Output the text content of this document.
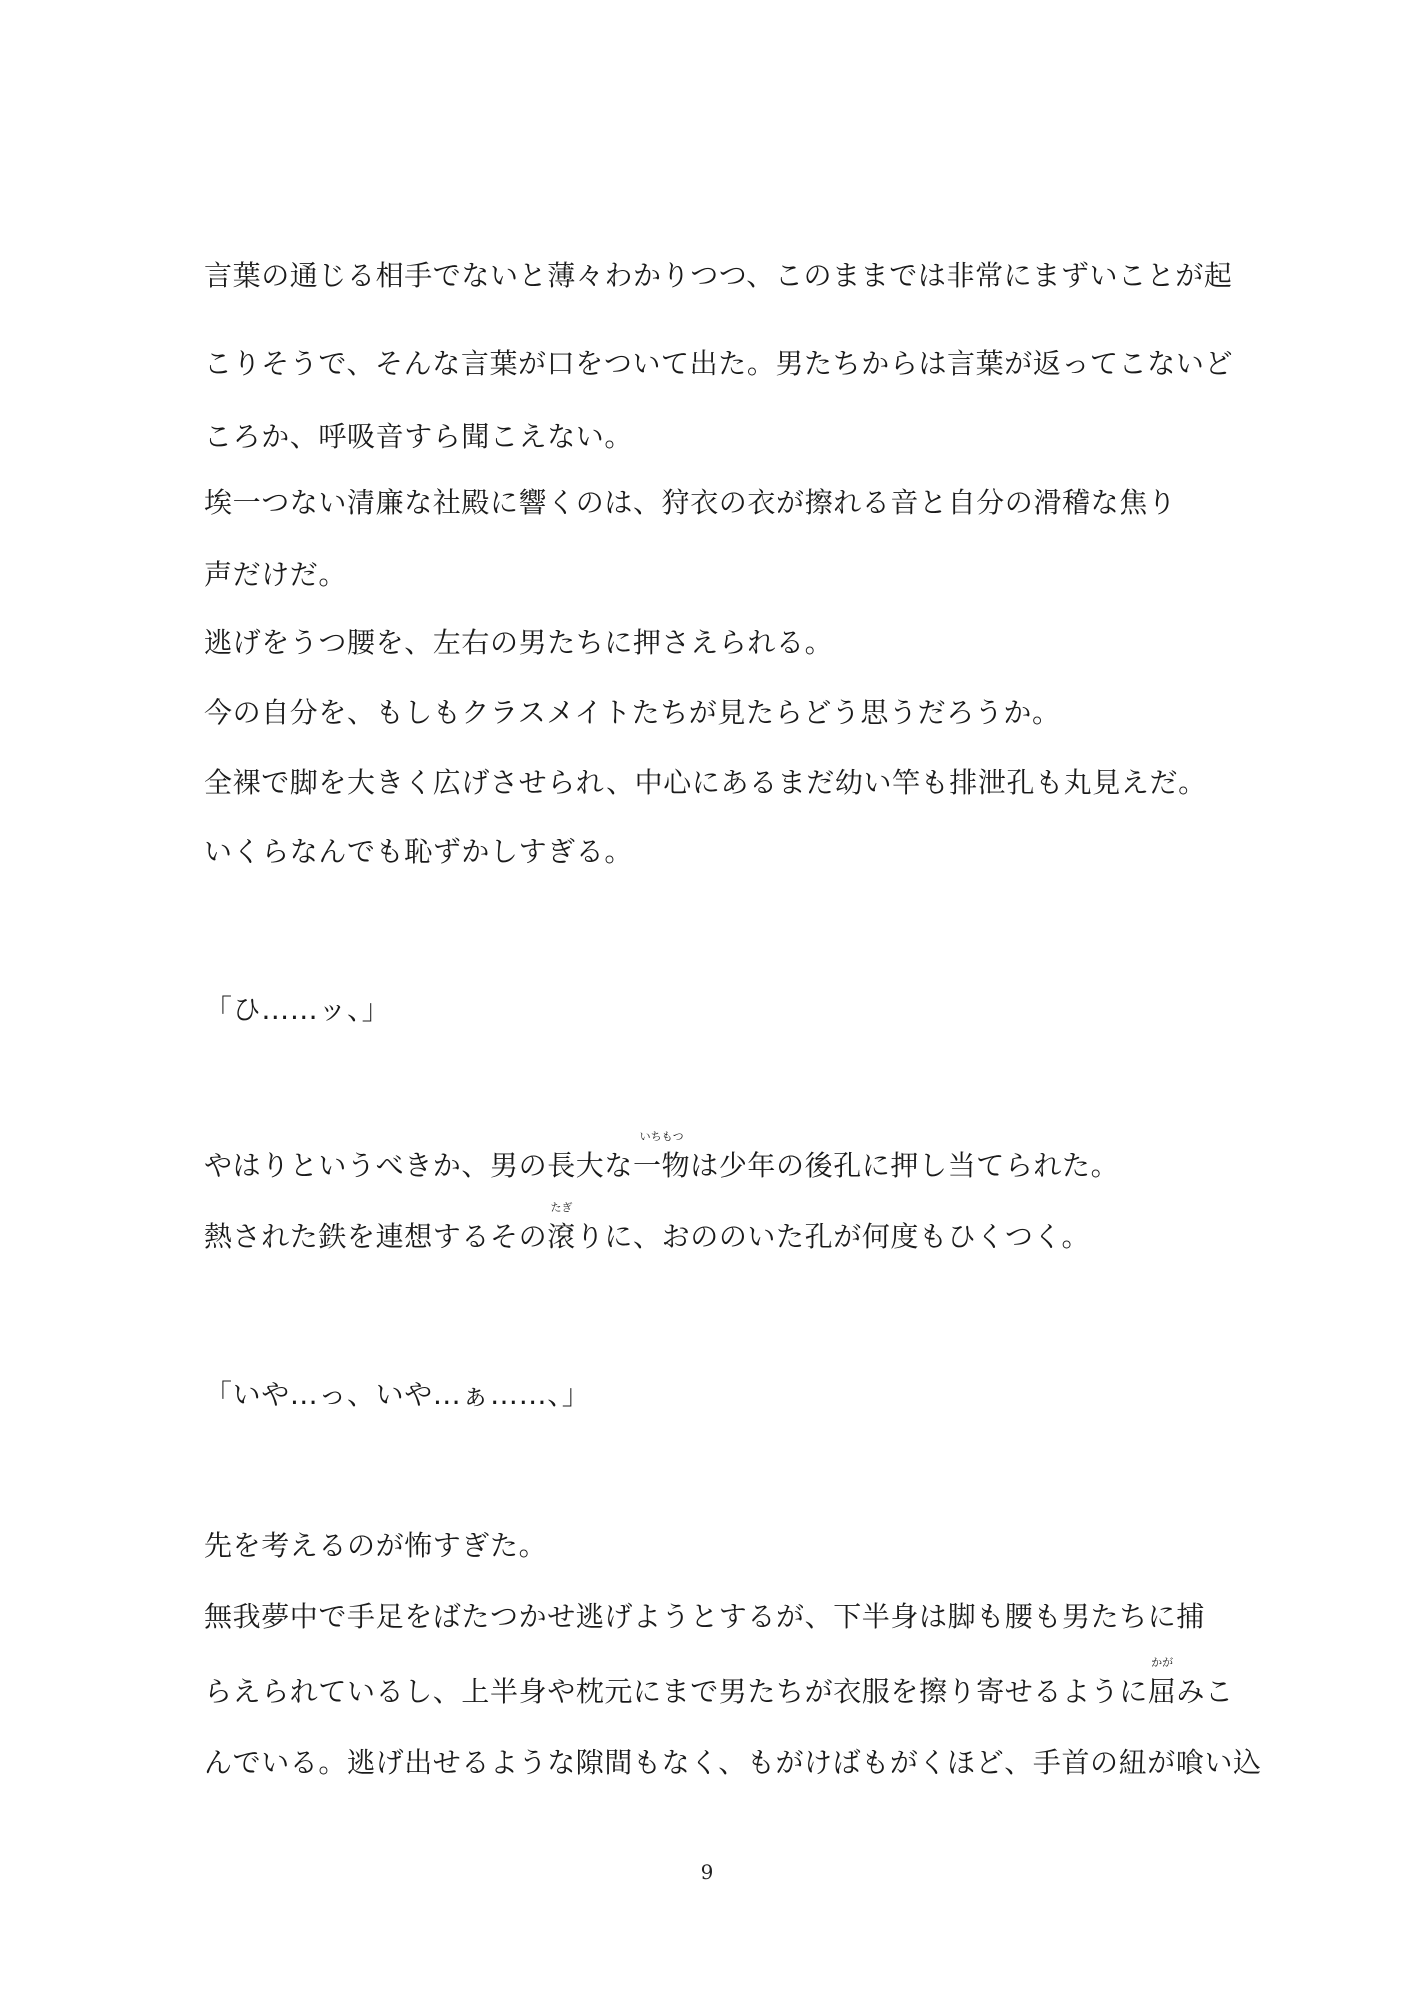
言葉の通じる相手でないと薄々わかりつつ、このままでは非常にまずいことが起
こりそうで、そんな言葉が口をついて出た。男たちからは言葉が返ってこないど
ころか、呼吸音すら聞こえない。
埃一つない清廉な社殿に響くのは、狩衣の衣が擦れる音と自分の滑稽な焦り
声だけだ。
逃げをうつ腰を、左右の男たちに押さえられる。
今の自分を、もしもクラスメイトたちが見たらどう思うだろうか。
全裸で脚を大きく広げさせられ、中心にあるまだ幼い竿も排泄孔も丸見えだ。
いくらなんでも恥ずかしすぎる。
「ひ……ッ、」
やはりというべきか、男の長大な
いちもつ
一物は少年の後孔に押し当てられた。
熱された鉄を連想するその
たぎ
滾りに、おののいた孔が何度もひくつく。
「いや…っ、いや…ぁ……、」
先を考えるのが怖すぎた。
無我夢中で手足をばたつかせ逃げようとするが、下半身は脚も腰も男たちに捕
らえられているし、上半身や枕元にまで男たちが衣服を擦り寄せるように
かが
屈みこ
んでいる。逃げ出せるような隙間もなく、もがけばもがくほど、手首の紐が喰い込
9
